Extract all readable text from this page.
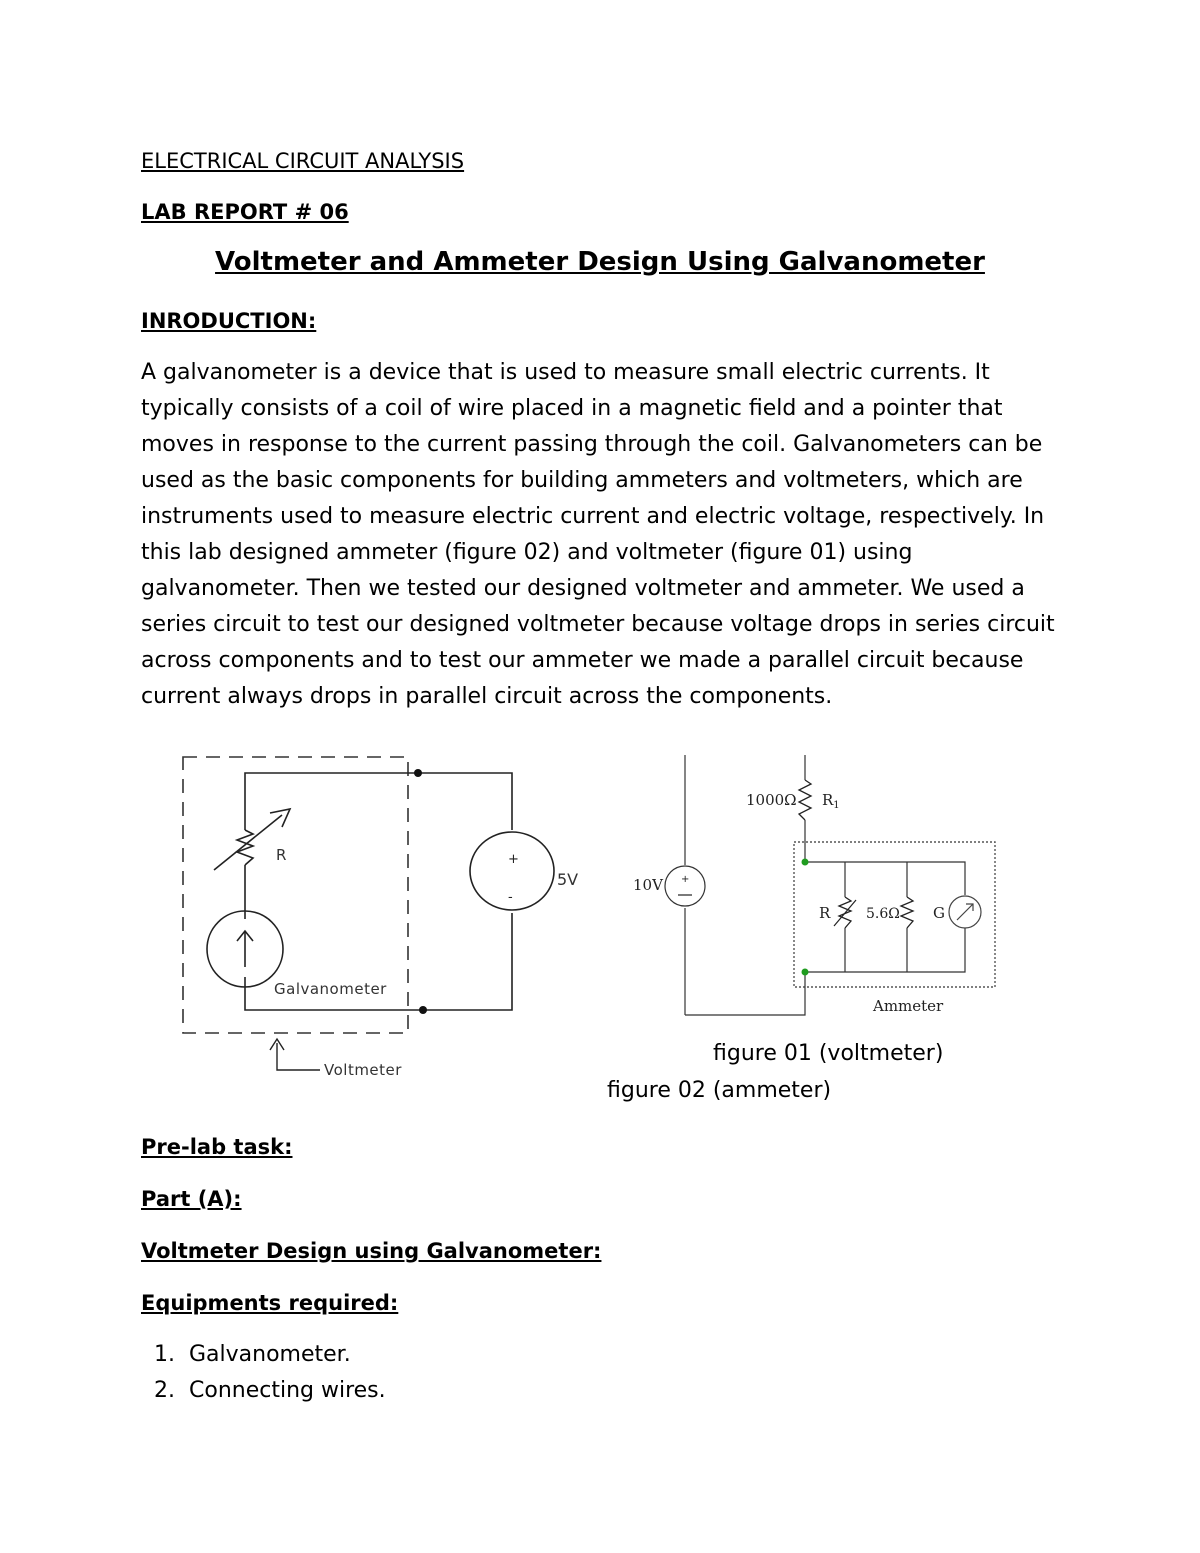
ELECTRICAL CIRCUIT ANALYSIS
LAB REPORT # 06
Voltmeter and Ammeter Design Using Galvanometer
INRODUCTION:
A galvanometer is a device that is used to measure small electric currents. It
typically consists of a coil of wire placed in a magnetic field and a pointer that
moves in response to the current passing through the coil. Galvanometers can be
used as the basic components for building ammeters and voltmeters, which are
instruments used to measure electric current and electric voltage, respectively. In
this lab designed ammeter (figure 02) and voltmeter (figure 01) using
galvanometer. Then we tested our designed voltmeter and ammeter. We used a
series circuit to test our designed voltmeter because voltage drops in series circuit
across components and to test our ammeter we made a parallel circuit because
current always drops in parallel circuit across the components.
R
Galvanometer
+
-
5V
Voltmeter
1000Ω $R_1$
+
10V
R	5.6Ω G
Ammeter
figure 01 (voltmeter)
figure 02 (ammeter)
Pre-lab task:
Part (A):
Voltmeter Design using Galvanometer:
Equipments required:
1. Galvanometer.
2. Connecting wires.
